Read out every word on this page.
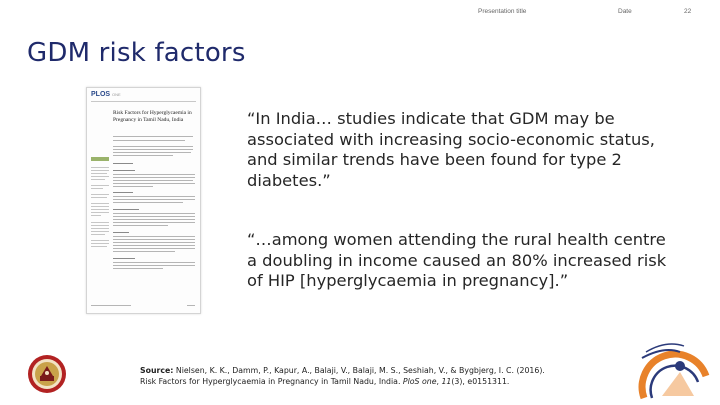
Presentation title	Date	22
GDM risk factors
PLOS ONE
Risk Factors for Hyperglycaemia in Pregnancy in Tamil Nadu, India	“In India… studies indicate that GDM may be associated with increasing socio-economic status, and similar trends have been found for type 2 diabetes.”

“…among women attending the rural health centre a doubling in income caused an 80% increased risk of HIP [hyperglycaemia in pregnancy].”

Source: Nielsen, K. K., Damm, P., Kapur, A., Balaji, V., Balaji, M. S., Seshiah, V., & Bygbjerg, I. C. (2016).
Risk Factors for Hyperglycaemia in Pregnancy in Tamil Nadu, India. PloS one, 11(3), e0151311.
